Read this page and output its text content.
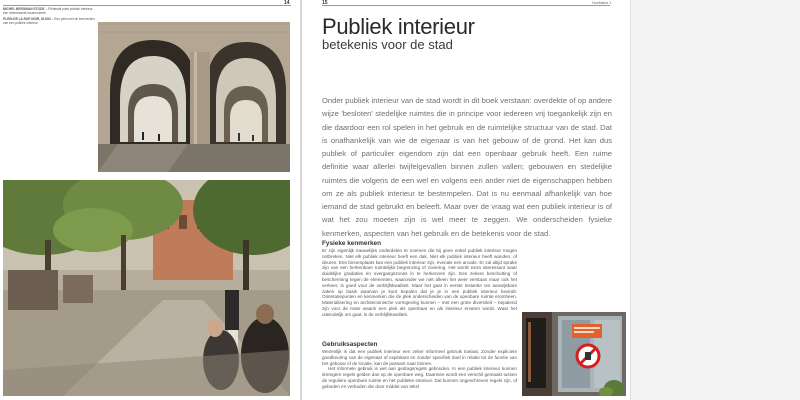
14
MICHEL BERGMAN STIJDE – Piëdestal puiet publiek interieur, een interessante tussenruimte.
PLEIN DE LA RUE NOIR, DIJON – Een plein met de kenmerken van een publiek interieur.
15	Hoofdstuk 1
Publiek interieur
betekenis voor de stad
Onder publiek interieur van de stad wordt in dit boek verstaan: overdekte of op andere wijze 'besloten' stedelijke ruimtes die in principe voor iedereen vrij toegankelijk zijn en die daardoor een rol spelen in het gebruik en de ruimtelijke structuur van de stad. Dat is onafhankelijk van wie de eigenaar is van het gebouw of de grond. Het kan dus publiek of particulier eigendom zijn dat een openbaar gebruik heeft. Een ruime definitie waar allerlei twijfelgevallen binnen zullen vallen; gebouwen en stedelijke ruimtes die volgens de een wel en volgens een ander niet de eigenschappen hebben om ze als publiek interieur te bestempelen. Dat is nu eenmaal afhankelijk van hoe iemand de stad gebruikt en beleeft. Maar over de vraag wat een publiek interieur is of wat het zou moeten zijn is wel meer te zeggen. We onderscheiden fysieke kenmerken, aspecten van het gebruik en de betekenis voor de stad.
Fysieke kenmerken

Er zijn eigenlijk nauwelijks onderdelen te noemen die bij geen enkel publiek interieur mogen ontbreken. Niet elk publiek interieur heeft een dak. Niet elk publiek interieur heeft wanden, of deuren. Een binnenplaats kan een publiek interieur zijn, evenals een arcade. Er zal altijd sprake zijn van een herkenbare ruimtelijke begrenzing of zonering. Het wordt extra interessant waar duidelijke gradaties en overgangszones in te herkennen zijn. Een zekere beschutting of bescherming tegen de elementen, waaronder we niet alleen het weer verstaan maar ook het verkeer, is goed voor de verblijfskwaliteit. Maar het gaat in eerste instantie om aanwijsbare zaken op basis waarvan je kunt bepalen dat je je in een publiek interieur bevindt. Oriëntatiepunten en kenmerken die de plek onderscheiden van de openbare ruimte eromheen. Materialisering en architectonische vormgeving kunnen – met een grote diversiteit – bepalend zijn voor de mate waarin een plek als openbaar en als interieur ervaren wordt. Waar het uiteindelijk om gaat, is de verblijfskwaliteit.

Gebruiksaspecten

Wezenlijk is dat een publiek interieur een zeker informeel gebruik toelaat. Zonder expliciete goedkeuring van de eigenaar of exploitant en zonder specifiek doel in relatie tot de functie van het gebouw of de locatie, kan de passant naar binnen.

Het informele gebruik is wel aan gedragsregels gebonden. In een publiek interieur kunnen strengere regels gelden dan op de openbare weg. Daarmee wordt een verschil gemaakt tussen de reguliere openbare ruimte en het publieke interieur. Dat kunnen ongeschreven regels zijn, of geboden en verboden die door middel van tekst
